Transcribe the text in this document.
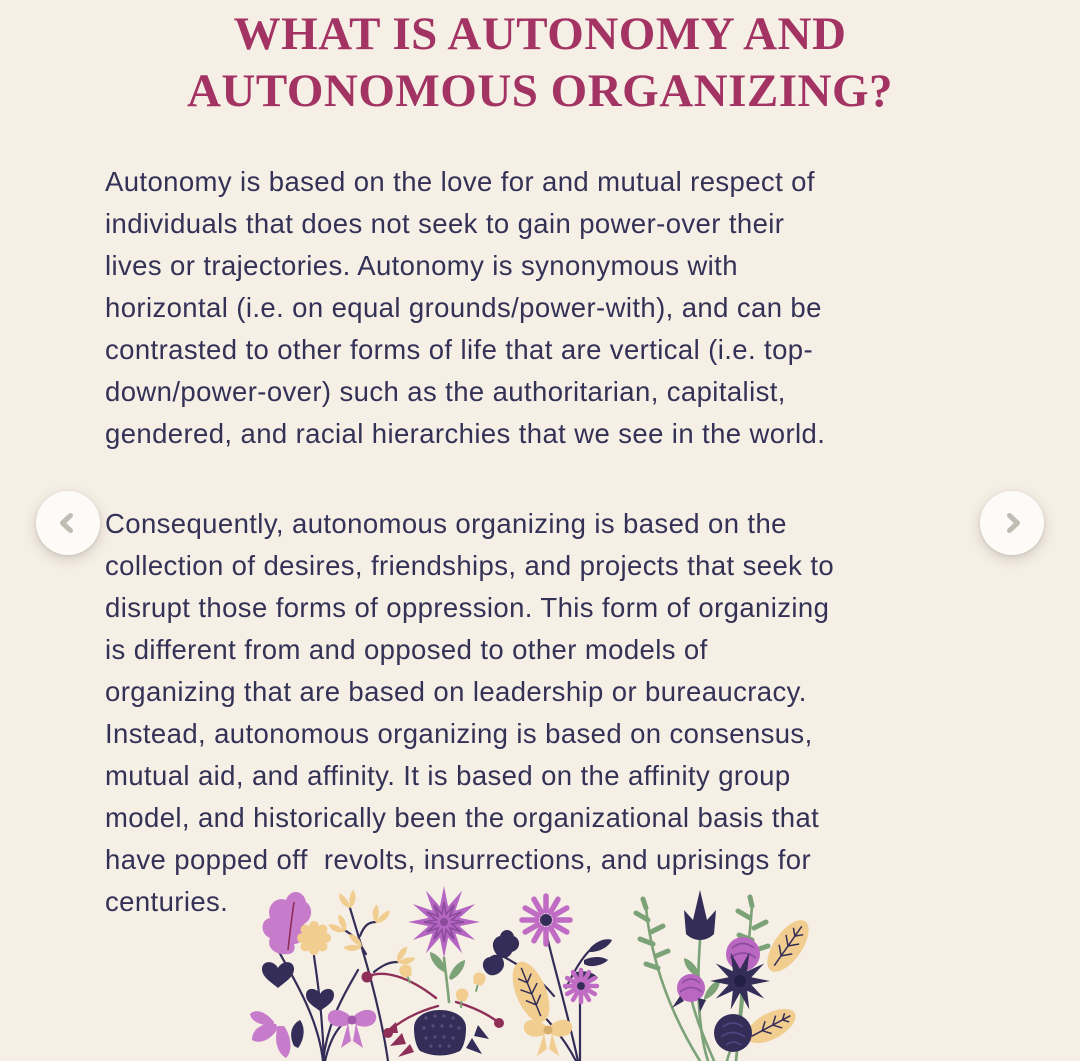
WHAT IS AUTONOMY AND
AUTONOMOUS ORGANIZING?
Autonomy is based on the love for and mutual respect of
individuals that does not seek to gain power-over their
lives or trajectories. Autonomy is synonymous with
horizontal (i.e. on equal grounds/power-with), and can be
contrasted to other forms of life that are vertical (i.e. top-
down/power-over) such as the authoritarian, capitalist,
gendered, and racial hierarchies that we see in the world.
Consequently, autonomous organizing is based on the
collection of desires, friendships, and projects that seek to
disrupt those forms of oppression. This form of organizing
is different from and opposed to other models of
organizing that are based on leadership or bureaucracy.
Instead, autonomous organizing is based on consensus,
mutual aid, and affinity. It is based on the affinity group
model, and historically been the organizational basis that
have popped off  revolts, insurrections, and uprisings for
centuries.
